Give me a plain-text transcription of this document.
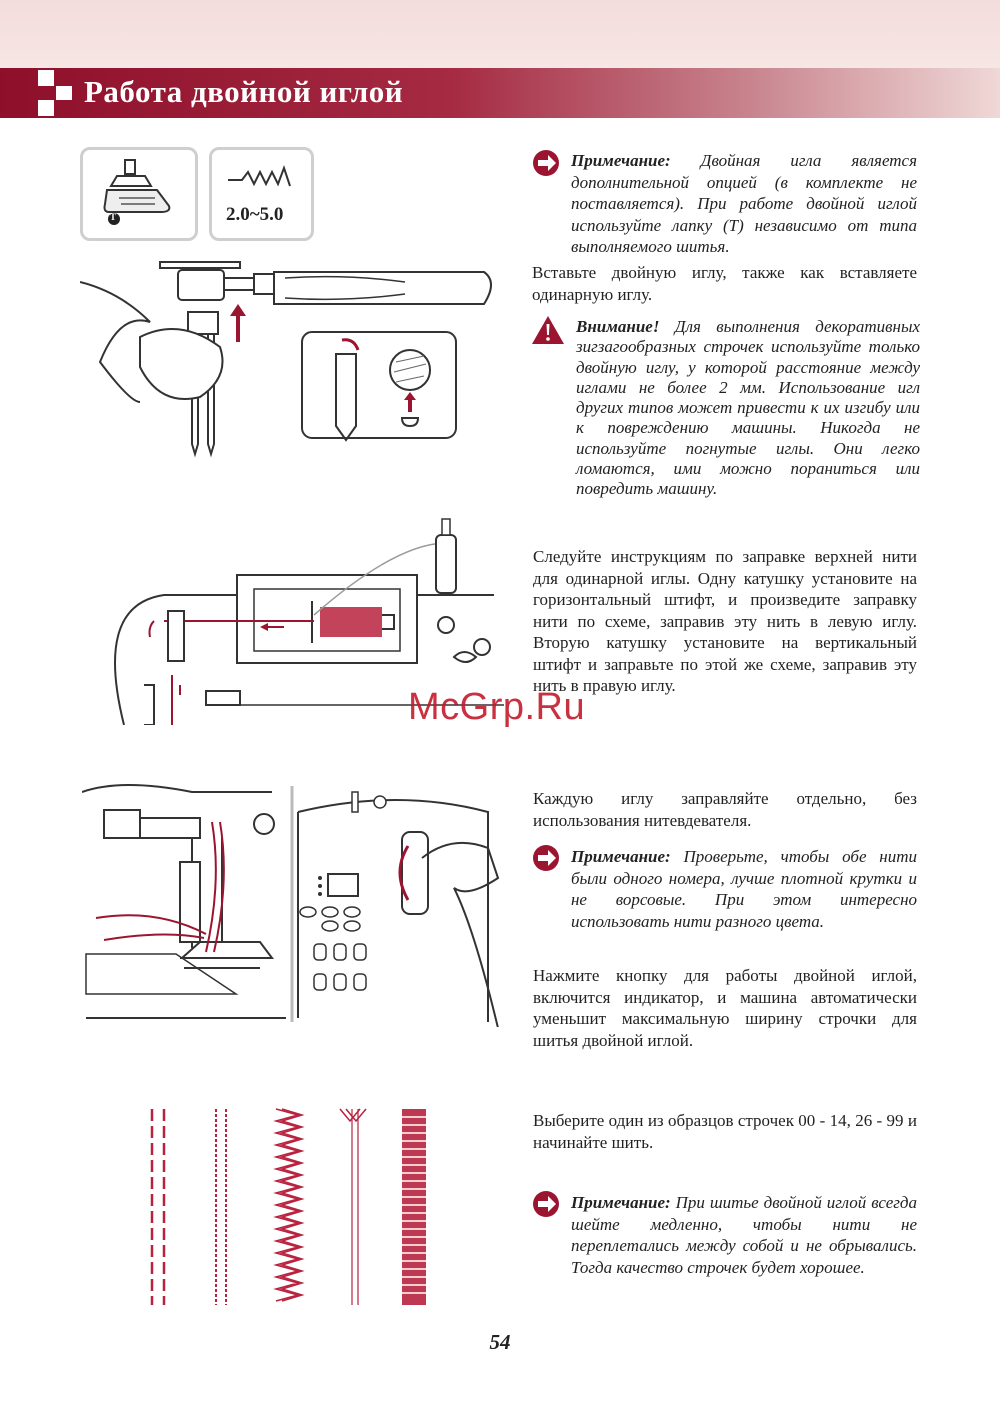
Работа двойной иглой
T	2.0~5.0

Примечание: Двойная игла является дополнительной опцией (в комплекте не поставляется). При работе двойной иглой используйте лапку (T) независимо от типа выполняемого шитья.

Вставьте двойную иглу, также как вставляете одинарную иглу.

Внимание! Для выполнения декоративных зигзагообразных строчек используйте только двойную иглу, у которой расстояние между иглами не более 2 мм. Использование игл других типов может привести к их изгибу или к повреждению машины. Никогда не используйте погнутые иглы. Они легко ломаются, ими можно пораниться или повредить машину.

Следуйте инструкциям по заправке верхней нити для одинарной иглы. Одну катушку установите на горизонтальный штифт, и произведите заправку нити по схеме, заправив эту нить в левую иглу. Вторую катушку установите на вертикальный штифт и заправьте по этой же схеме, заправив эту нить в правую иглу.

McGrp.Ru

Каждую иглу заправляйте отдельно, без использования нитевдевателя.

Примечание: Проверьте, чтобы обе нити были одного номера, лучше плотной крутки и не ворсовые. При этом интересно использовать нити разного цвета.

Нажмите кнопку для работы двойной иглой, включится индикатор, и машина автоматически уменьшит максимальную ширину строчки для шитья двойной иглой.

Выберите один из образцов строчек 00 - 14, 26 - 99 и начинайте шить.

Примечание: При шитье двойной иглой всегда шейте медленно, чтобы нити не переплетались между собой и не обрывались. Тогда качество строчек будет хорошее.

54
